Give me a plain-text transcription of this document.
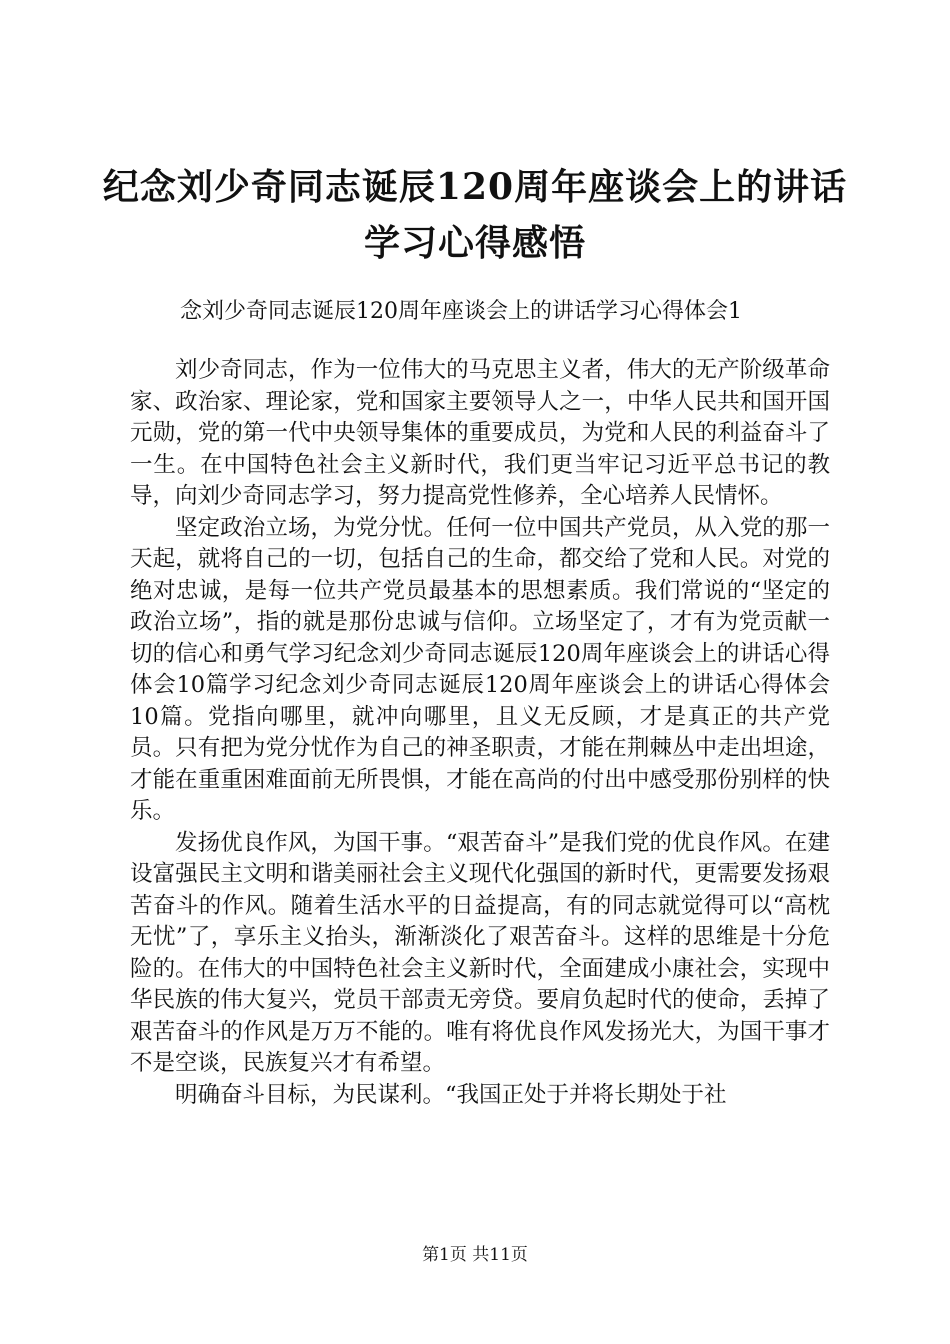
纪念刘少奇同志诞辰120周年座谈会上的讲话
学习心得感悟
念刘少奇同志诞辰120周年座谈会上的讲话学习心得体会1

刘少奇同志，作为一位伟大的马克思主义者，伟大的无产阶级革命家、政治家、理论家，党和国家主要领导人之一，中华人民共和国开国元勋，党的第一代中央领导集体的重要成员，为党和人民的利益奋斗了一生。在中国特色社会主义新时代，我们更当牢记习近平总书记的教导，向刘少奇同志学习，努力提高党性修养，全心培养人民情怀。

坚定政治立场，为党分忧。任何一位中国共产党员，从入党的那一天起，就将自己的一切，包括自己的生命，都交给了党和人民。对党的绝对忠诚，是每一位共产党员最基本的思想素质。我们常说的“坚定的政治立场”，指的就是那份忠诚与信仰。立场坚定了，才有为党贡献一切的信心和勇气学习纪念刘少奇同志诞辰120周年座谈会上的讲话心得体会10篇学习纪念刘少奇同志诞辰120周年座谈会上的讲话心得体会10篇。党指向哪里，就冲向哪里，且义无反顾，才是真正的共产党员。只有把为党分忧作为自己的神圣职责，才能在荆棘丛中走出坦途，才能在重重困难面前无所畏惧，才能在高尚的付出中感受那份别样的快乐。

发扬优良作风，为国干事。“艰苦奋斗”是我们党的优良作风。在建设富强民主文明和谐美丽社会主义现代化强国的新时代，更需要发扬艰苦奋斗的作风。随着生活水平的日益提高，有的同志就觉得可以“高枕无忧”了，享乐主义抬头，渐渐淡化了艰苦奋斗。这样的思维是十分危险的。在伟大的中国特色社会主义新时代，全面建成小康社会，实现中华民族的伟大复兴，党员干部责无旁贷。要肩负起时代的使命，丢掉了艰苦奋斗的作风是万万不能的。唯有将优良作风发扬光大，为国干事才不是空谈，民族复兴才有希望。

明确奋斗目标，为民谋利。“我国正处于并将长期处于社

第1页 共11页
